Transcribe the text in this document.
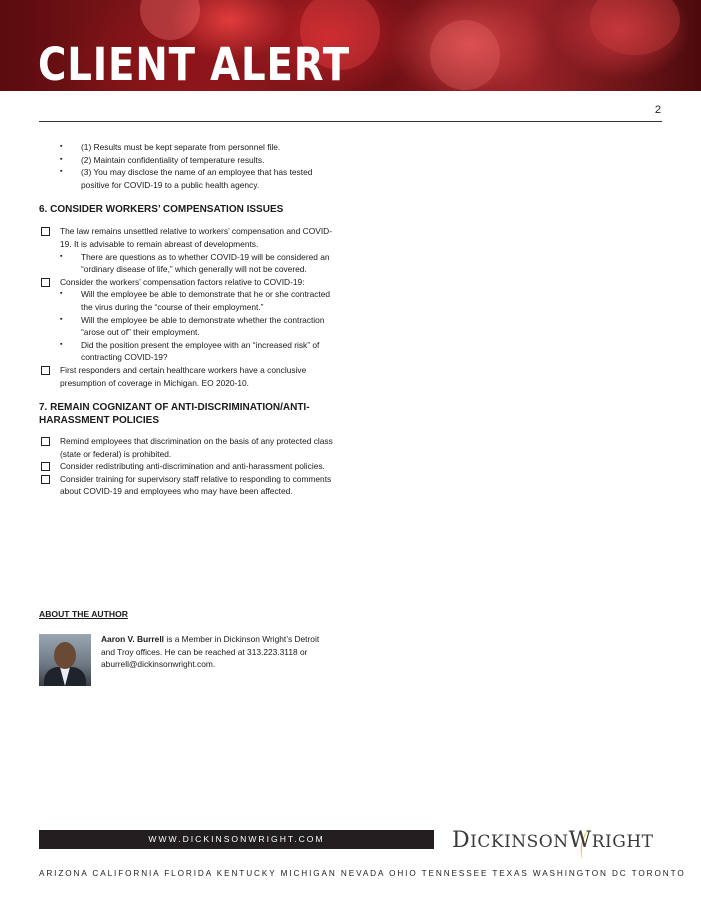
CLIENT ALERT
2
▪ (1) Results must be kept separate from personnel file.
▪ (2) Maintain confidentiality of temperature results.
▪ (3) You may disclose the name of an employee that has tested positive for COVID-19 to a public health agency.
6. CONSIDER WORKERS’ COMPENSATION ISSUES
The law remains unsettled relative to workers’ compensation and COVID-19. It is advisable to remain abreast of developments.
▪ There are questions as to whether COVID-19 will be considered an “ordinary disease of life,” which generally will not be covered.
Consider the workers’ compensation factors relative to COVID-19:
▪ Will the employee be able to demonstrate that he or she contracted the virus during the “course of their employment.”
▪ Will the employee be able to demonstrate whether the contraction “arose out of” their employment.
▪ Did the position present the employee with an “increased risk” of contracting COVID-19?
First responders and certain healthcare workers have a conclusive presumption of coverage in Michigan. EO 2020-10.
7. REMAIN COGNIZANT OF ANTI-DISCRIMINATION/ANTI-HARASSMENT POLICIES
Remind employees that discrimination on the basis of any protected class (state or federal) is prohibited.
Consider redistributing anti-discrimination and anti-harassment policies.
Consider training for supervisory staff relative to responding to comments about COVID-19 and employees who may have been affected.
ABOUT THE AUTHOR
Aaron V. Burrell is a Member in Dickinson Wright’s Detroit and Troy offices. He can be reached at 313.223.3118 or aburrell@dickinsonwright.com.
WWW.DICKINSONWRIGHT.COM	DICKINSONWRIGHT
ARIZONA CALIFORNIA FLORIDA KENTUCKY MICHIGAN NEVADA OHIO TENNESSEE TEXAS WASHINGTON DC TORONTO
